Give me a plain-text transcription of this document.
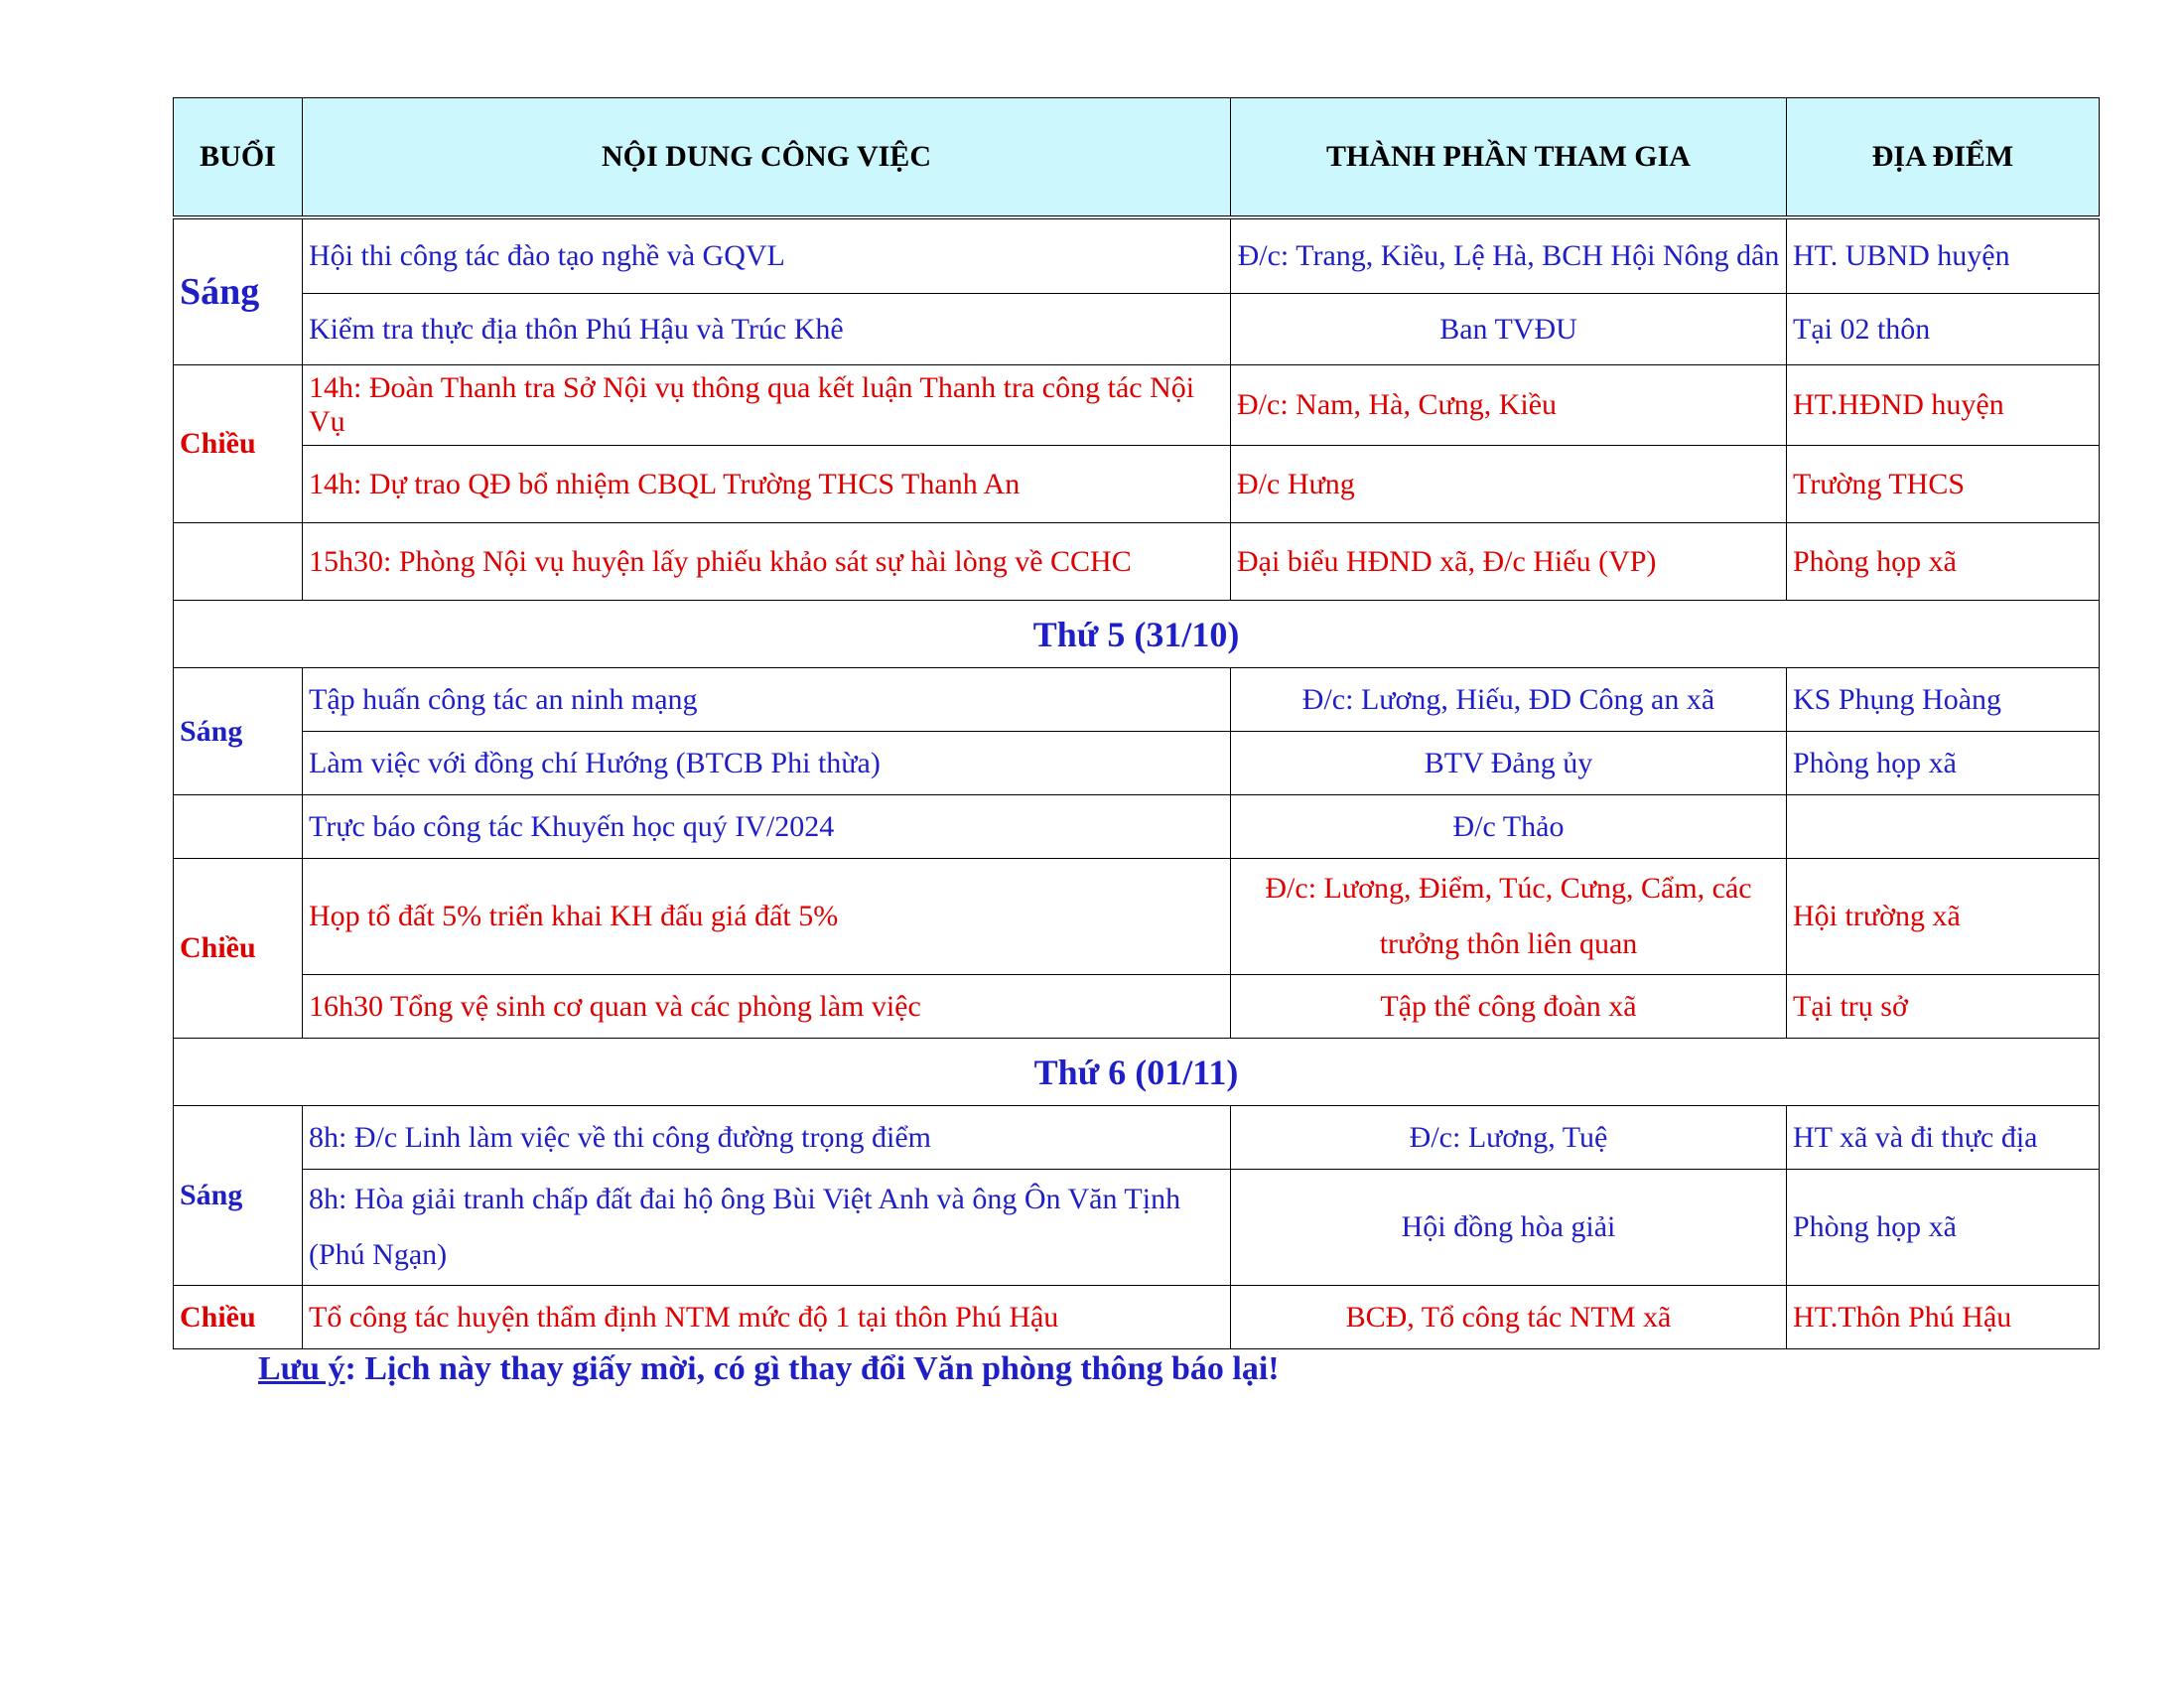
BUỔI	NỘI DUNG CÔNG VIỆC	THÀNH PHẦN THAM GIA	ĐỊA ĐIỂM
Sáng	Hội thi công tác đào tạo nghề và GQVL	Đ/c: Trang, Kiều, Lệ Hà, BCH Hội Nông dân	HT. UBND huyện
	Kiểm tra thực địa thôn Phú Hậu và Trúc Khê	Ban TVĐU	Tại 02 thôn
Chiều	14h: Đoàn Thanh tra Sở Nội vụ thông qua kết luận Thanh tra công tác Nội Vụ	Đ/c: Nam, Hà, Cưng, Kiều	HT.HĐND huyện
	14h: Dự trao QĐ bổ nhiệm CBQL Trường THCS Thanh An	Đ/c Hưng	Trường THCS
	15h30: Phòng Nội vụ huyện lấy phiếu khảo sát sự hài lòng về CCHC	Đại biểu HĐND xã, Đ/c Hiếu (VP)	Phòng họp xã
Thứ 5 (31/10)			
Sáng	Tập huấn công tác an ninh mạng	Đ/c: Lương, Hiếu, ĐD Công an xã	KS Phụng Hoàng
	Làm việc với đồng chí Hướng (BTCB Phi thừa)	BTV Đảng ủy	Phòng họp xã
	Trực báo công tác Khuyến học quý IV/2024	Đ/c Thảo	
Chiều	Họp tổ đất 5% triển khai KH đấu giá đất 5%	Đ/c: Lương, Điểm, Túc, Cưng, Cẩm, các trưởng thôn liên quan	Hội trường xã
	16h30 Tổng vệ sinh cơ quan và các phòng làm việc	Tập thể công đoàn xã	Tại trụ sở
Thứ 6 (01/11)			
Sáng	8h: Đ/c Linh làm việc về thi công đường trọng điểm	Đ/c: Lương, Tuệ	HT xã và đi thực địa
	8h: Hòa giải tranh chấp đất đai hộ ông Bùi Việt Anh và ông Ôn Văn Tịnh (Phú Ngạn)	Hội đồng hòa giải	Phòng họp xã
Chiều	Tổ công tác huyện thẩm định NTM mức độ 1 tại thôn Phú Hậu	BCĐ, Tổ công tác NTM xã	HT.Thôn Phú Hậu
Lưu ý: Lịch này thay giấy mời, có gì thay đổi Văn phòng thông báo lại!
